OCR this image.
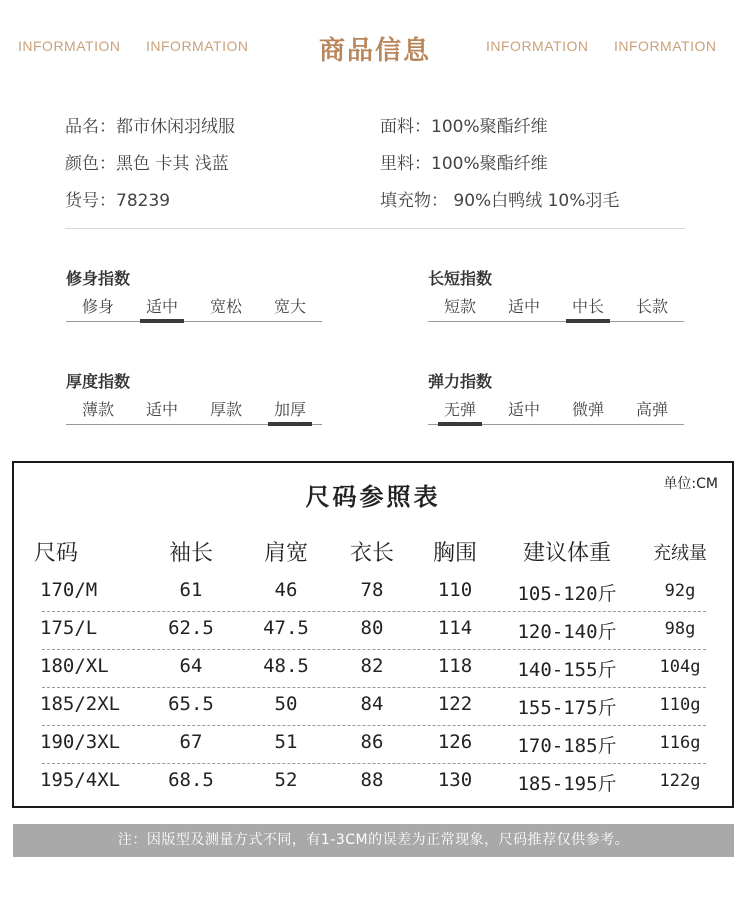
INFORMATION INFORMATION	商品信息	INFORMATION INFORMATION
品名：都市休闲羽绒服
颜色：黑色 卡其 浅蓝
货号：78239
面料：100%聚酯纤维
里料：100%聚酯纤维
填充物： 90%白鸭绒 10%羽毛
修身指数
修身	适中	宽松	宽大
长短指数
短款	适中	中长	长款
厚度指数
薄款	适中	厚款	加厚
弹力指数
无弹	适中	微弹	高弹
尺码参照表	单位:CM
尺码	袖长	肩宽	衣长	胸围	建议体重	充绒量
170/M	61	46	78	110	105-120斤	92g
175/L	62.5	47.5	80	114	120-140斤	98g
180/XL	64	48.5	82	118	140-155斤	104g
185/2XL	65.5	50	84	122	155-175斤	110g
190/3XL	67	51	86	126	170-185斤	116g
195/4XL	68.5	52	88	130	185-195斤	122g
注：因版型及测量方式不同，有1-3CM的误差为正常现象，尺码推荐仅供参考。
